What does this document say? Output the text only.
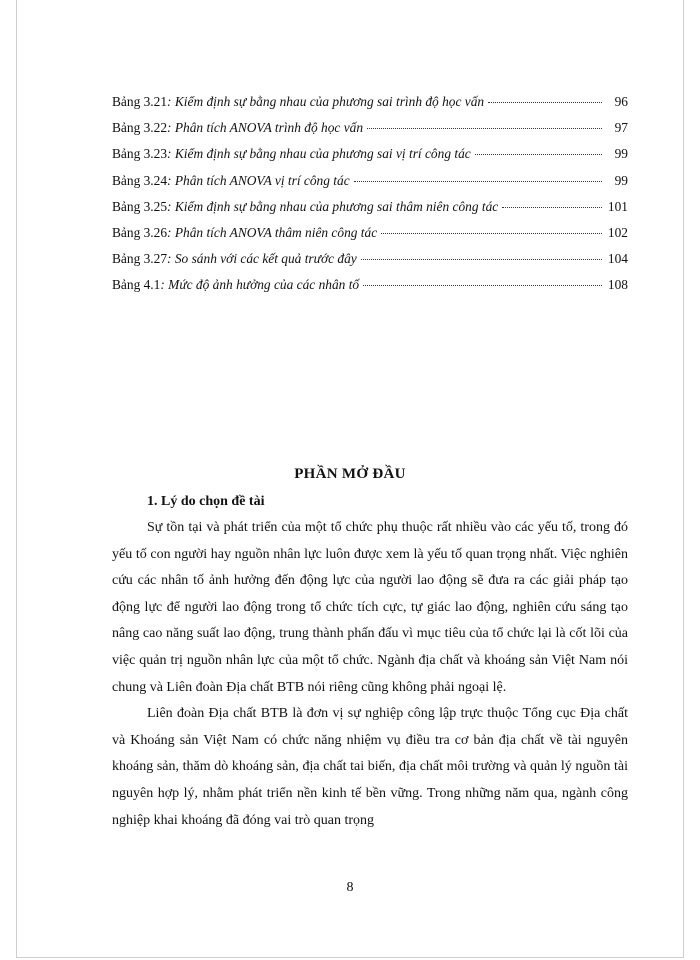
Bảng 3.21 : Kiểm định sự bằng nhau của phương sai trình độ học vấn	96
Bảng 3.22 : Phân tích ANOVA trình độ học vấn	97
Bảng 3.23 : Kiểm định sự bằng nhau của phương sai vị trí công tác	99
Bảng 3.24 : Phân tích ANOVA vị trí công tác	99
Bảng 3.25 : Kiểm định sự bằng nhau của phương sai thâm niên công tác	101
Bảng 3.26 : Phân tích ANOVA thâm niên công tác	102
Bảng 3.27 : So sánh với các kết quả trước đây	104
Bảng 4.1 : Mức độ ảnh hưởng của các nhân tố	108
PHẦN MỞ ĐẦU
1. Lý do chọn đề tài

Sự tồn tại và phát triển của một tổ chức phụ thuộc rất nhiều vào các yếu tố, trong đó yếu tố con người hay nguồn nhân lực luôn được xem là yếu tố quan trọng nhất. Việc nghiên cứu các nhân tố ảnh hưởng đến động lực của người lao động sẽ đưa ra các giải pháp tạo động lực để người lao động trong tổ chức tích cực, tự giác lao động, nghiên cứu sáng tạo nâng cao năng suất lao động, trung thành phấn đấu vì mục tiêu của tổ chức lại là cốt lõi của việc quản trị nguồn nhân lực của một tổ chức. Ngành địa chất và khoáng sản Việt Nam nói chung và Liên đoàn Địa chất BTB nói riêng cũng không phải ngoại lệ.

Liên đoàn Địa chất BTB là đơn vị sự nghiệp công lập trực thuộc Tổng cục Địa chất và Khoáng sản Việt Nam có chức năng nhiệm vụ điều tra cơ bản địa chất về tài nguyên khoáng sản, thăm dò khoáng sản, địa chất tai biến, địa chất môi trường và quản lý nguồn tài nguyên hợp lý, nhằm phát triển nền kinh tế bền vững. Trong những năm qua, ngành công nghiệp khai khoáng đã đóng vai trò quan trọng

8
